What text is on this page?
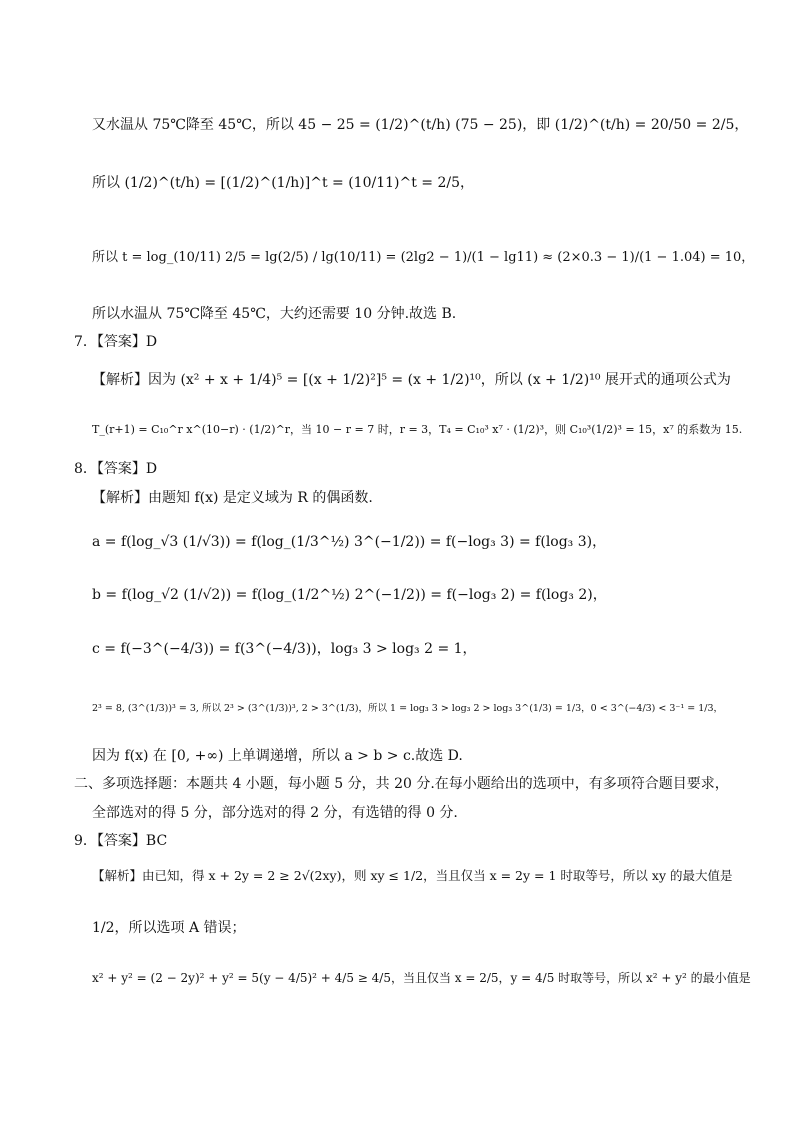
又水温从 75℃降至 45℃，所以 45 − 25 = (1/2)^(t/h) (75 − 25)，即 (1/2)^(t/h) = 20/50 = 2/5，
所以 (1/2)^(t/h) = [(1/2)^(1/h)]^t = (10/11)^t = 2/5，
所以 t = log_(10/11) 2/5 = lg(2/5) / lg(10/11) = (2lg2 − 1)/(1 − lg11) ≈ (2×0.3 − 1)/(1 − 1.04) = 10，
所以水温从 75℃降至 45℃，大约还需要 10 分钟.故选 B.
7．【答案】D
【解析】因为 (x² + x + 1/4)⁵ = [(x + 1/2)²]⁵ = (x + 1/2)¹⁰，所以 (x + 1/2)¹⁰ 展开式的通项公式为
T_(r+1) = C₁₀^r x^(10−r) · (1/2)^r，当 10 − r = 7 时，r = 3，T₄ = C₁₀³ x⁷ · (1/2)³，则 C₁₀³(1/2)³ = 15，x⁷ 的系数为 15.
8．【答案】D
【解析】由题知 f(x) 是定义域为 R 的偶函数.
a = f(log_√3 (1/√3)) = f(log_(1/3^½) 3^(−1/2)) = f(−log₃ 3) = f(log₃ 3)，
b = f(log_√2 (1/√2)) = f(log_(1/2^½) 2^(−1/2)) = f(−log₃ 2) = f(log₃ 2)，
c = f(−3^(−4/3)) = f(3^(−4/3))，log₃ 3 > log₃ 2 = 1，
2³ = 8, (3^(1/3))³ = 3, 所以 2³ > (3^(1/3))³, 2 > 3^(1/3)，所以 1 = log₃ 3 > log₃ 2 > log₃ 3^(1/3) = 1/3，0 < 3^(−4/3) < 3⁻¹ = 1/3，
因为 f(x) 在 [0, +∞) 上单调递增，所以 a > b > c.故选 D.
二、多项选择题：本题共 4 小题，每小题 5 分，共 20 分.在每小题给出的选项中，有多项符合题目要求，
全部选对的得 5 分，部分选对的得 2 分，有选错的得 0 分.
9．【答案】BC
【解析】由已知，得 x + 2y = 2 ≥ 2√(2xy)，则 xy ≤ 1/2，当且仅当 x = 2y = 1 时取等号，所以 xy 的最大值是
1/2，所以选项 A 错误；
x² + y² = (2 − 2y)² + y² = 5(y − 4/5)² + 4/5 ≥ 4/5，当且仅当 x = 2/5，y = 4/5 时取等号，所以 x² + y² 的最小值是
